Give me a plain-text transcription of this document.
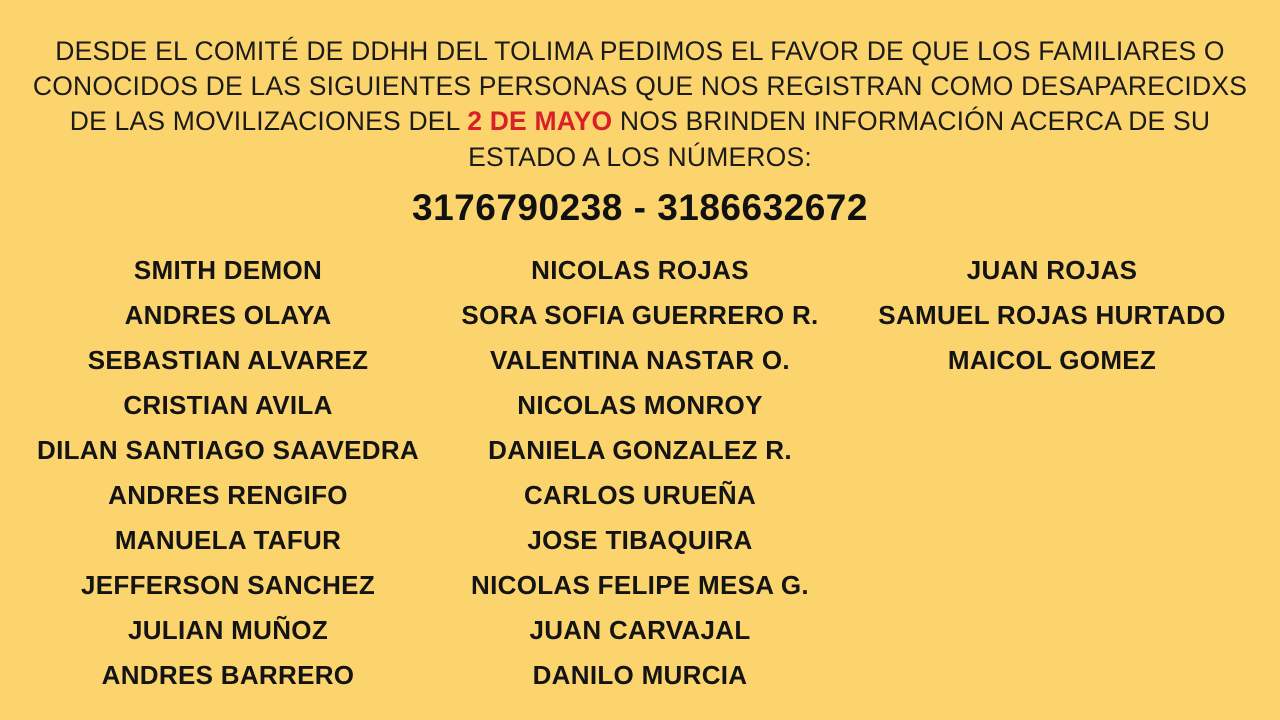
DESDE EL COMITÉ DE DDHH DEL TOLIMA PEDIMOS EL FAVOR DE QUE LOS FAMILIARES O CONOCIDOS DE LAS SIGUIENTES PERSONAS QUE NOS REGISTRAN COMO DESAPARECIDXS DE LAS MOVILIZACIONES DEL 2 DE MAYO NOS BRINDEN INFORMACIÓN ACERCA DE SU ESTADO A LOS NÚMEROS:
3176790238 - 3186632672
SMITH DEMON
ANDRES OLAYA
SEBASTIAN ALVAREZ
CRISTIAN AVILA
DILAN SANTIAGO SAAVEDRA
ANDRES RENGIFO
MANUELA TAFUR
JEFFERSON SANCHEZ
JULIAN MUÑOZ
ANDRES BARRERO
NICOLAS ROJAS
SORA SOFIA GUERRERO R.
VALENTINA NASTAR O.
NICOLAS MONROY
DANIELA GONZALEZ R.
CARLOS URUEÑA
JOSE TIBAQUIRA
NICOLAS FELIPE MESA G.
JUAN CARVAJAL
DANILO MURCIA
JUAN ROJAS
SAMUEL ROJAS HURTADO
MAICOL GOMEZ
